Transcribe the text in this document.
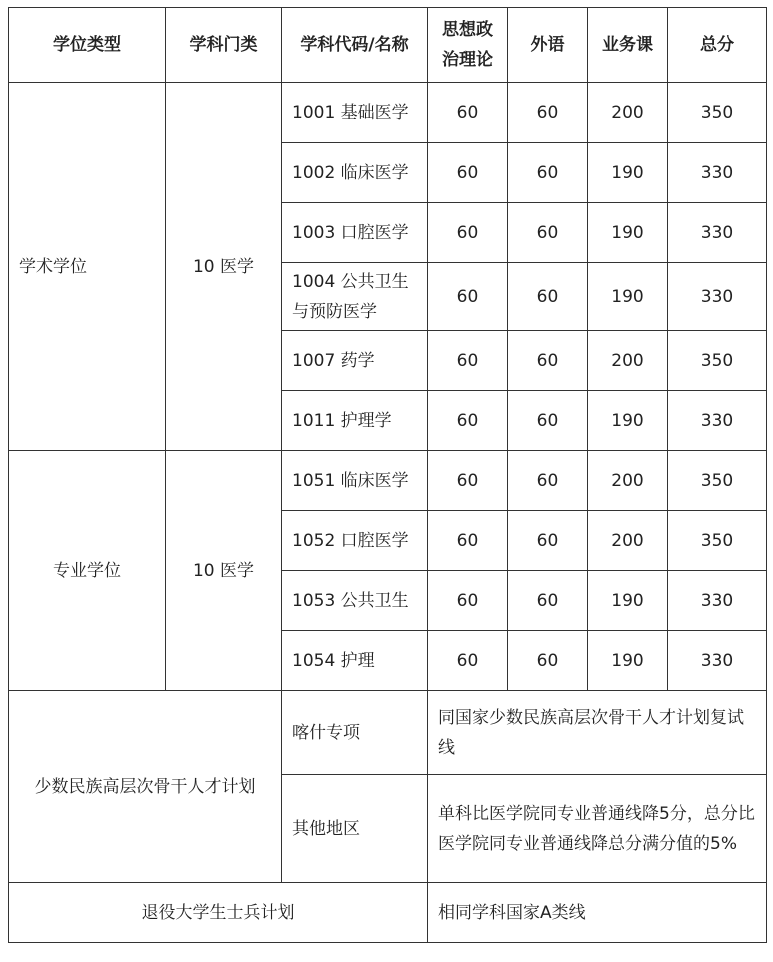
学位类型	学科门类	学科代码/名称	思想政治理论	外语	业务课	总分
学术学位	10 医学	1001 基础医学	60	60	200	350
		1002 临床医学	60	60	190	330
		1003 口腔医学	60	60	190	330
		1004 公共卫生与预防医学	60	60	190	330
		1007 药学	60	60	200	350
		1011 护理学	60	60	190	330
专业学位	10 医学	1051 临床医学	60	60	200	350
		1052 口腔医学	60	60	200	350
		1053 公共卫生	60	60	190	330
		1054 护理	60	60	190	330
少数民族高层次骨干人才计划		喀什专项	同国家少数民族高层次骨干人才计划复试线			
		其他地区	单科比医学院同专业普通线降5分，总分比医学院同专业普通线降总分满分值的5%			
退役大学生士兵计划			相同学科国家A类线			
